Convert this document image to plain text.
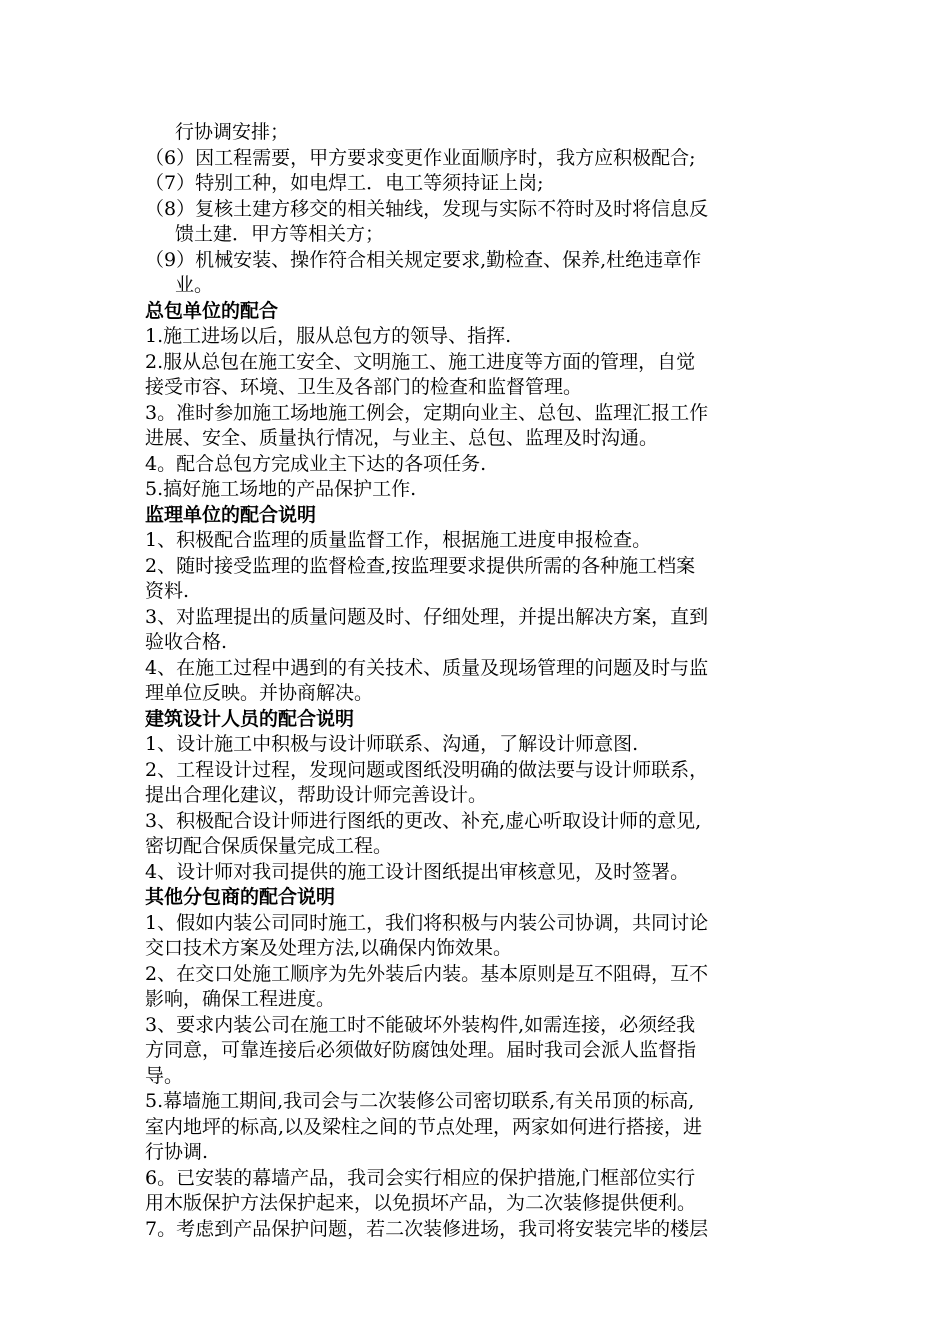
行协调安排；
（6）因工程需要，甲方要求变更作业面顺序时，我方应积极配合;
（7）特别工种，如电焊工．电工等须持证上岗;
（8）复核土建方移交的相关轴线，发现与实际不符时及时将信息反
馈土建．甲方等相关方；
（9）机械安装、操作符合相关规定要求,勤检查、保养,杜绝违章作
业。
总包单位的配合
1.施工进场以后，服从总包方的领导、指挥.
2.服从总包在施工安全、文明施工、施工进度等方面的管理，自觉
接受市容、环境、卫生及各部门的检查和监督管理。
3。准时参加施工场地施工例会，定期向业主、总包、监理汇报工作
进展、安全、质量执行情况，与业主、总包、监理及时沟通。
4。配合总包方完成业主下达的各项任务.
5.搞好施工场地的产品保护工作.
监理单位的配合说明
1、积极配合监理的质量监督工作，根据施工进度申报检查。
2、随时接受监理的监督检查,按监理要求提供所需的各种施工档案
资料.
3、对监理提出的质量问题及时、仔细处理，并提出解决方案，直到
验收合格.
4、在施工过程中遇到的有关技术、质量及现场管理的问题及时与监
理单位反映。并协商解决。
建筑设计人员的配合说明
1、设计施工中积极与设计师联系、沟通，了解设计师意图.
2、工程设计过程，发现问题或图纸没明确的做法要与设计师联系，
提出合理化建议，帮助设计师完善设计。
3、积极配合设计师进行图纸的更改、补充,虚心听取设计师的意见,
密切配合保质保量完成工程。
4、设计师对我司提供的施工设计图纸提出审核意见，及时签署。
其他分包商的配合说明
1、假如内装公司同时施工，我们将积极与内装公司协调，共同讨论
交口技术方案及处理方法,以确保内饰效果。
2、在交口处施工顺序为先外装后内装。基本原则是互不阻碍，互不
影响，确保工程进度。
3、要求内装公司在施工时不能破坏外装构件,如需连接，必须经我
方同意，可靠连接后必须做好防腐蚀处理。届时我司会派人监督指
导。
5.幕墙施工期间,我司会与二次装修公司密切联系,有关吊顶的标高,
室内地坪的标高,以及梁柱之间的节点处理，两家如何进行搭接，进
行协调.
6。已安装的幕墙产品，我司会实行相应的保护措施,门框部位实行
用木版保护方法保护起来，以免损坏产品，为二次装修提供便利。
7。考虑到产品保护问题，若二次装修进场，我司将安装完毕的楼层
